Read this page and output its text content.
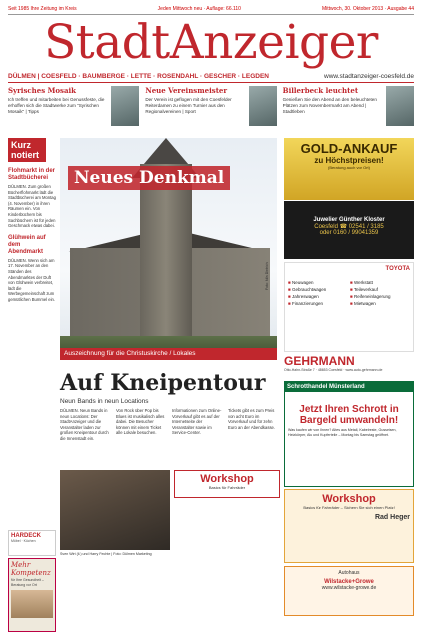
Seit 1985 Ihre Zeitung im Kreis	Jeden Mittwoch neu · Auflage: 66.110	Mittwoch, 30. Oktober 2013 · Ausgabe 44
StadtAnzeiger
DÜLMEN | COESFELD · BAUMBERGE · LETTE · ROSENDAHL · GESCHER · LEGDEN	www.stadtanzeiger-coesfeld.de
Syrisches Mosaik

Ich treffen und mitarbeiten bei Genussfeste, die erhoffen sich die Stadtwerke zum "Syrischen Mosaik" | Tipps

Neue Vereinsmeister

Der Verein ist geflogen mit den Coesfelder Reiterdamen zu einem Turnier aus den Regionalvereinen | Sport

Billerbeck leuchtet

Genießen Sie den Abend an den beleuchteten Plätzen zum Novembermarkt am Abend | Stadtleben

Kurz notiert
Flohmarkt in der Stadtbücherei
DÜLMEN. Zum großen Bücherflohmarkt lädt die Stadtbücherei am Montag (4. November) in ihren Räumen ein. Von Kinderbüchern bis Sachbüchern ist für jeden Geschmack etwas dabei.
Glühwein auf dem Abendmarkt
DÜLMEN. Wenn sich am 17. November an den Ständen des Abendmarktes der Duft von Glühwein verbreitet, lädt die Werbegemeinschaft zum gemütlichen Bummel ein.
HARDECK
Möbel · Küchen
Mehr Kompetenz
für Ihre Gesundheit – Beratung vor Ort
Neues Denkmal
Auszeichnung für die Christuskirche / Lokales
Foto: Nils Dietrich
Auf Kneipentour
Neun Bands in neun Locations

DÜLMEN. Neun Bands in neun Locations: Der StadtAnzeiger und die Veranstalter laden zur großen Kneipentour durch die Innenstadt ein.

Von Rock über Pop bis Blues ist musikalisch alles dabei. Die Besucher können mit einem Ticket alle Lokale besuchen.

Informationen zum Online-Vorverkauf gibt es auf der Internetseite der Veranstalter sowie im Service-Center.

Tickets gibt es zum Preis von acht Euro im Vorverkauf und für zehn Euro an der Abendkasse.

Sven Wirt (li.) und Harry Fechte | Foto: Dülmen Marketing
Workshop
Basics für Fahrräder
GOLD-ANKAUF
zu Höchstpreisen!
(Beratung auch vor Ort)
Juwelier Günther Kloster
Coesfeld ☎ 02541 / 3185
oder 0160 / 99041359
TOYOTA
■ Neuwagen	■ Werkstatt
■ Gebrauchtwagen	■ Teileverkauf
■ Jahreswagen	■ Reifeneinlagerung
■ Finanzierungen	■ Mietwagen
GEHRMANN
Otto-Hahn-Straße 7 · 48653 Coesfeld · www.auto-gehrmann.de
Schrotthandel Münsterland
Jetzt Ihren Schrott in Bargeld umwandeln!
Was kaufen wir von Ihnen? Altes aus Metall, Kabelreste, Gusseisen, Heizkörper, Alu und Kupferteile – Montag bis Samstag geöffnet.
Workshop
Basics für Fahrräder – Sichern Sie sich einen Platz!
Rad Heger
Autohaus
Wilstacke+Growe
www.wilstacke-growe.de
